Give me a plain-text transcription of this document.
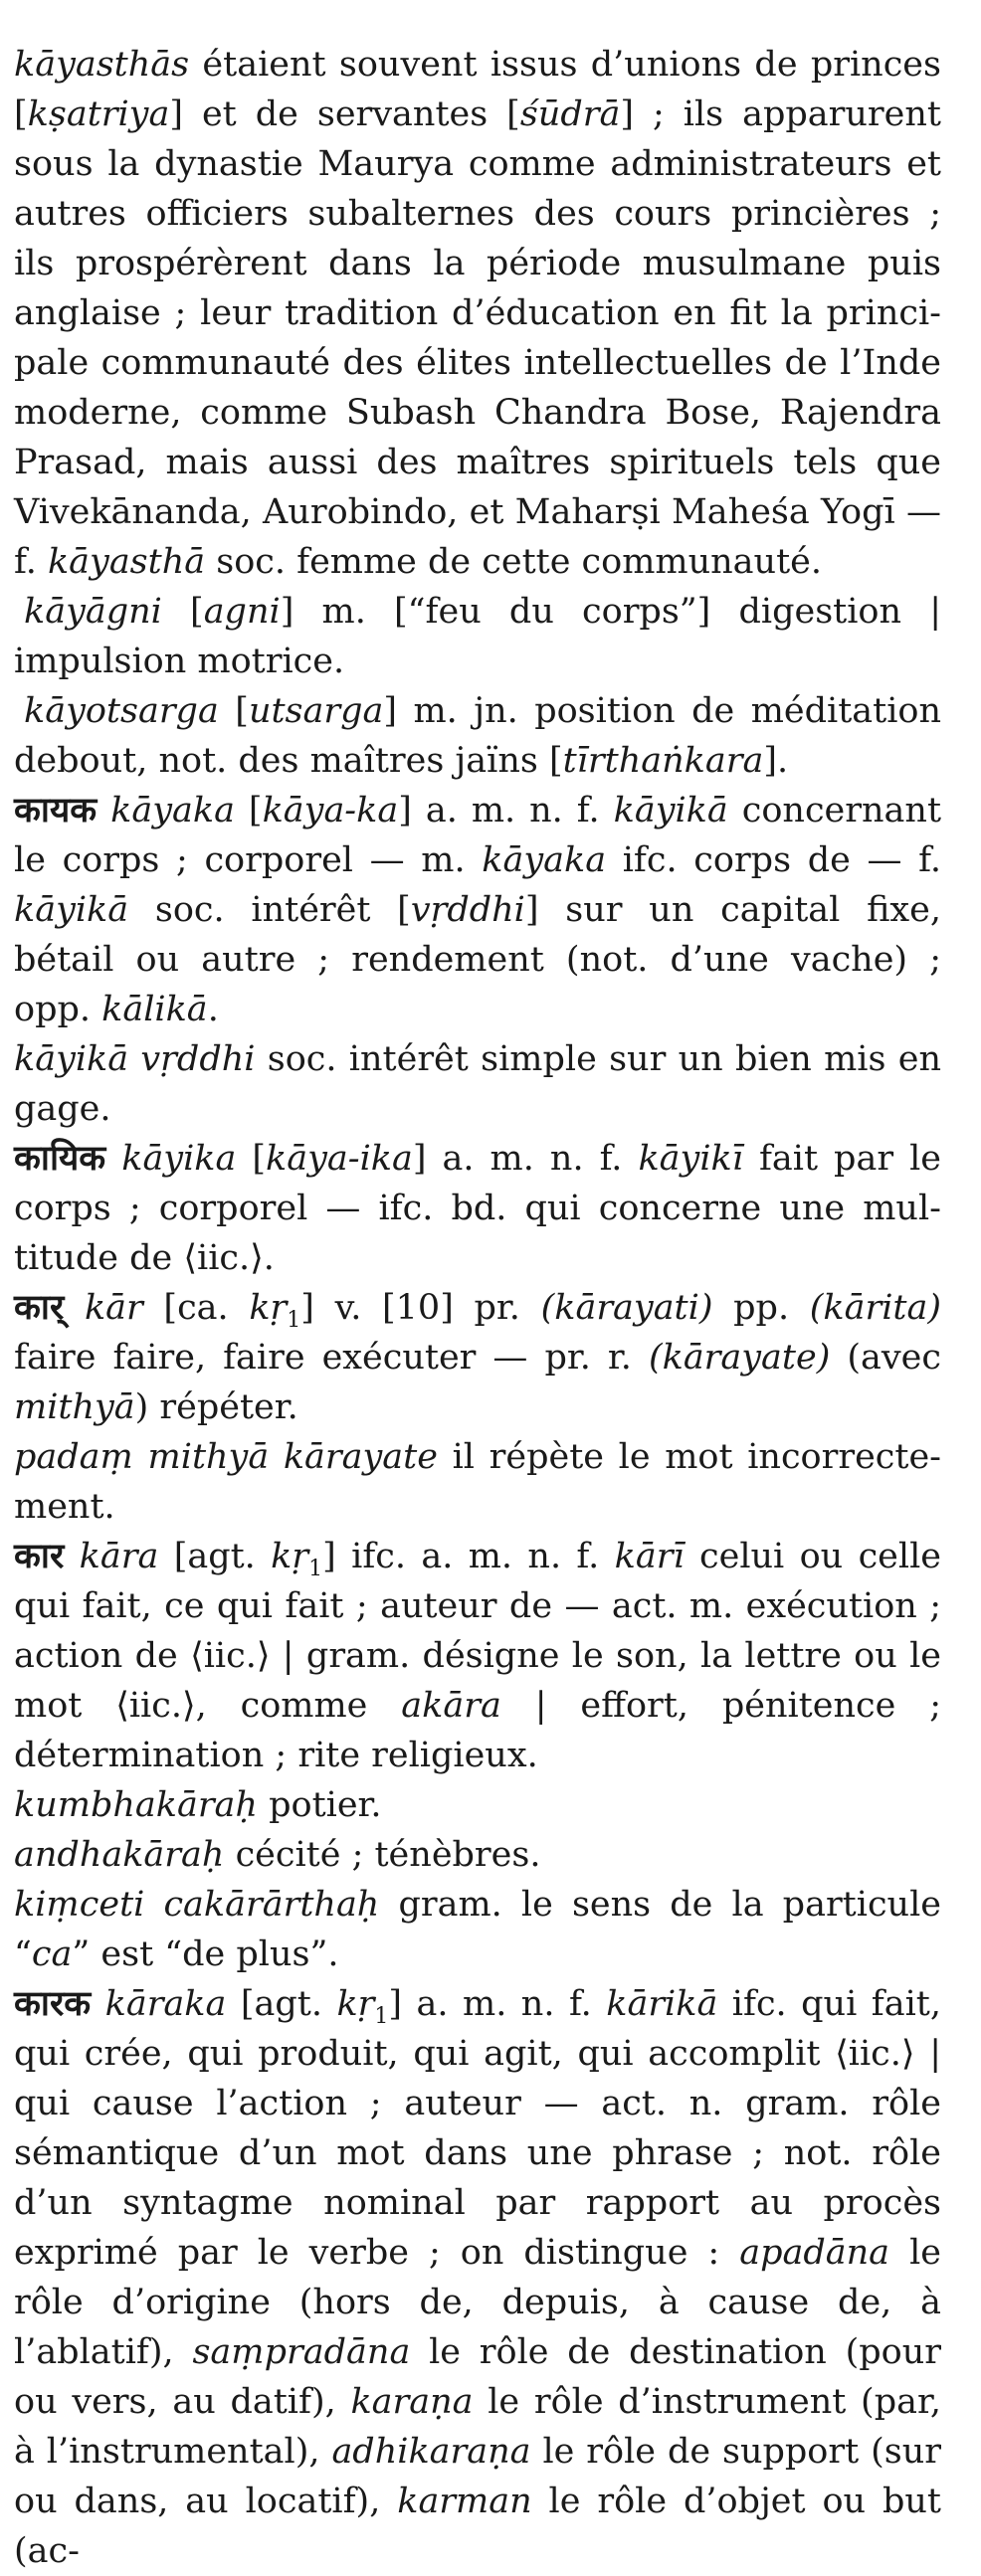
kāyasthās étaient souvent issus d’unions de princes [kṣatriya] et de servantes [śūdrā] ; ils apparurent sous la dynastie Maurya comme administrateurs et autres officiers subalternes des cours princières ; ils prospérèrent dans la période musulmane puis anglaise ; leur tradition d’éducation en fit la principale communauté des élites intellectuelles de l’Inde moderne, comme Subash Chandra Bose, Rajendra Prasad, mais aussi des maîtres spirituels tels que Vivekānanda, Aurobindo, et Maharṣi Maheśa Yogī — f. kāyasthā soc. femme de cette communauté.

kāyāgni [agni] m. [“feu du corps”] digestion | impulsion motrice.

kāyotsarga [utsarga] m. jn. position de méditation debout, not. des maîtres jaïns [tīrthaṅkara].

कायक kāyaka [kāya-ka] a. m. n. f. kāyikā concernant le corps ; corporel — m. kāyaka ifc. corps de — f. kāyikā soc. intérêt [vṛddhi] sur un capital fixe, bétail ou autre ; rendement (not. d’une vache) ; opp. kālikā.

kāyikā vṛddhi soc. intérêt simple sur un bien mis en gage.

कायिक kāyika [kāya-ika] a. m. n. f. kāyikī fait par le corps ; corporel — ifc. bd. qui concerne une multitude de ⟨iic.⟩.

कार् kār [ca. kṛ$_1$] v. [10] pr. (kārayati) pp. (kārita) faire faire, faire exécuter — pr. r. (kārayate) (avec mithyā) répéter.

padaṃ mithyā kārayate il répète le mot incorrectement.

कार kāra [agt. kṛ$_1$] ifc. a. m. n. f. kārī celui ou celle qui fait, ce qui fait ; auteur de — act. m. exécution ; action de ⟨iic.⟩ | gram. désigne le son, la lettre ou le mot ⟨iic.⟩, comme akāra | effort, pénitence ; détermination ; rite religieux.

kumbhakāraḥ potier.

andhakāraḥ cécité ; ténèbres.

kiṃceti cakārārthaḥ gram. le sens de la particule “ca” est “de plus”.

कारक kāraka [agt. kṛ$_1$] a. m. n. f. kārikā ifc. qui fait, qui crée, qui produit, qui agit, qui accomplit ⟨iic.⟩ | qui cause l’action ; auteur — act. n. gram. rôle sémantique d’un mot dans une phrase ; not. rôle d’un syntagme nominal par rapport au procès exprimé par le verbe ; on distingue : apadāna le rôle d’origine (hors de, depuis, à cause de, à l’ablatif), saṃpradāna le rôle de destination (pour ou vers, au datif), karaṇa le rôle d’instrument (par, à l’instrumental), adhikaraṇa le rôle de support (sur ou dans, au locatif), karman le rôle d’objet ou but (ac-
